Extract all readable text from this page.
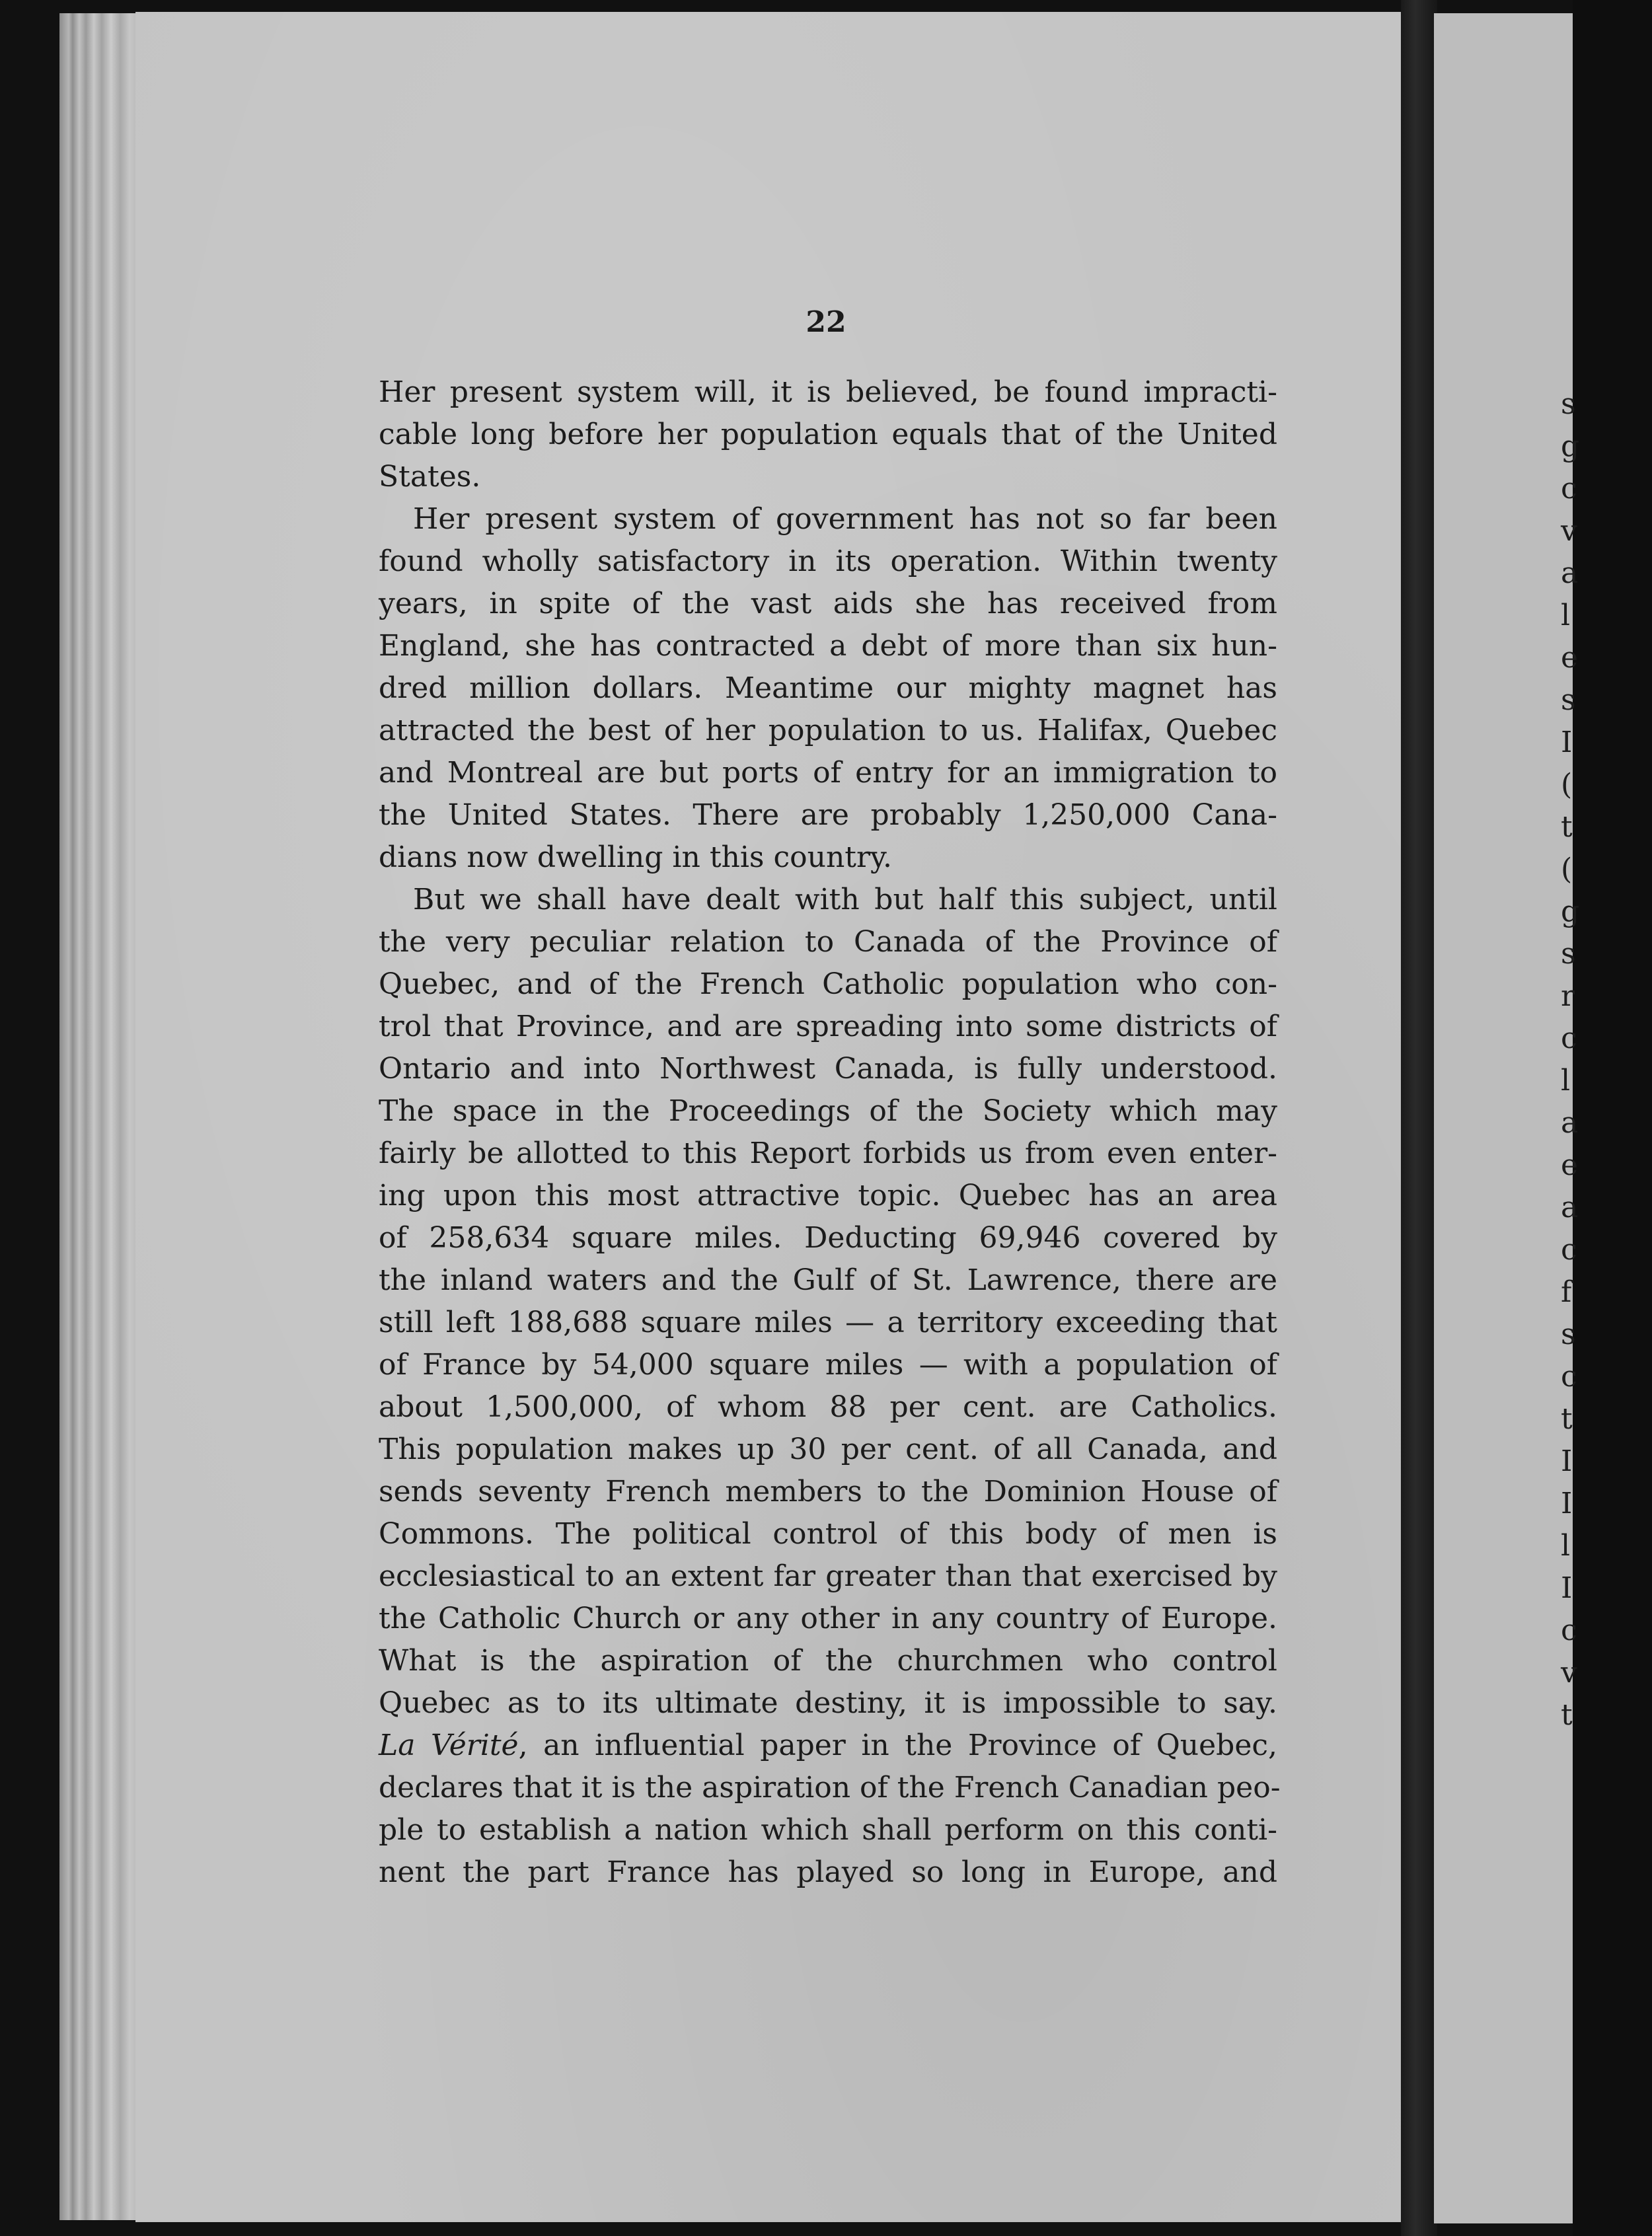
s
g
c
v
a
l
e
s
I
(
t
(
g
s
r
c
l
a
e
a
c
f
s
c
t
I
I
l
I
c
v
t
22
Her present system will, it is believed, be found impracti-
cable long before her population equals that of the United
States.
Her present system of government has not so far been
found wholly satisfactory in its operation. Within twenty
years, in spite of the vast aids she has received from
England, she has contracted a debt of more than six hun-
dred million dollars. Meantime our mighty magnet has
attracted the best of her population to us. Halifax, Quebec
and Montreal are but ports of entry for an immigration to
the United States. There are probably 1,250,000 Cana-
dians now dwelling in this country.
But we shall have dealt with but half this subject, until
the very peculiar relation to Canada of the Province of
Quebec, and of the French Catholic population who con-
trol that Province, and are spreading into some districts of
Ontario and into Northwest Canada, is fully understood.
The space in the Proceedings of the Society which may
fairly be allotted to this Report forbids us from even enter-
ing upon this most attractive topic. Quebec has an area
of 258,634 square miles. Deducting 69,946 covered by
the inland waters and the Gulf of St. Lawrence, there are
still left 188,688 square miles — a territory exceeding that
of France by 54,000 square miles — with a population of
about 1,500,000, of whom 88 per cent. are Catholics.
This population makes up 30 per cent. of all Canada, and
sends seventy French members to the Dominion House of
Commons. The political control of this body of men is
ecclesiastical to an extent far greater than that exercised by
the Catholic Church or any other in any country of Europe.
What is the aspiration of the churchmen who control
Quebec as to its ultimate destiny, it is impossible to say.
La Vérité, an influential paper in the Province of Quebec,
declares that it is the aspiration of the French Canadian peo-
ple to establish a nation which shall perform on this conti-
nent the part France has played so long in Europe, and
